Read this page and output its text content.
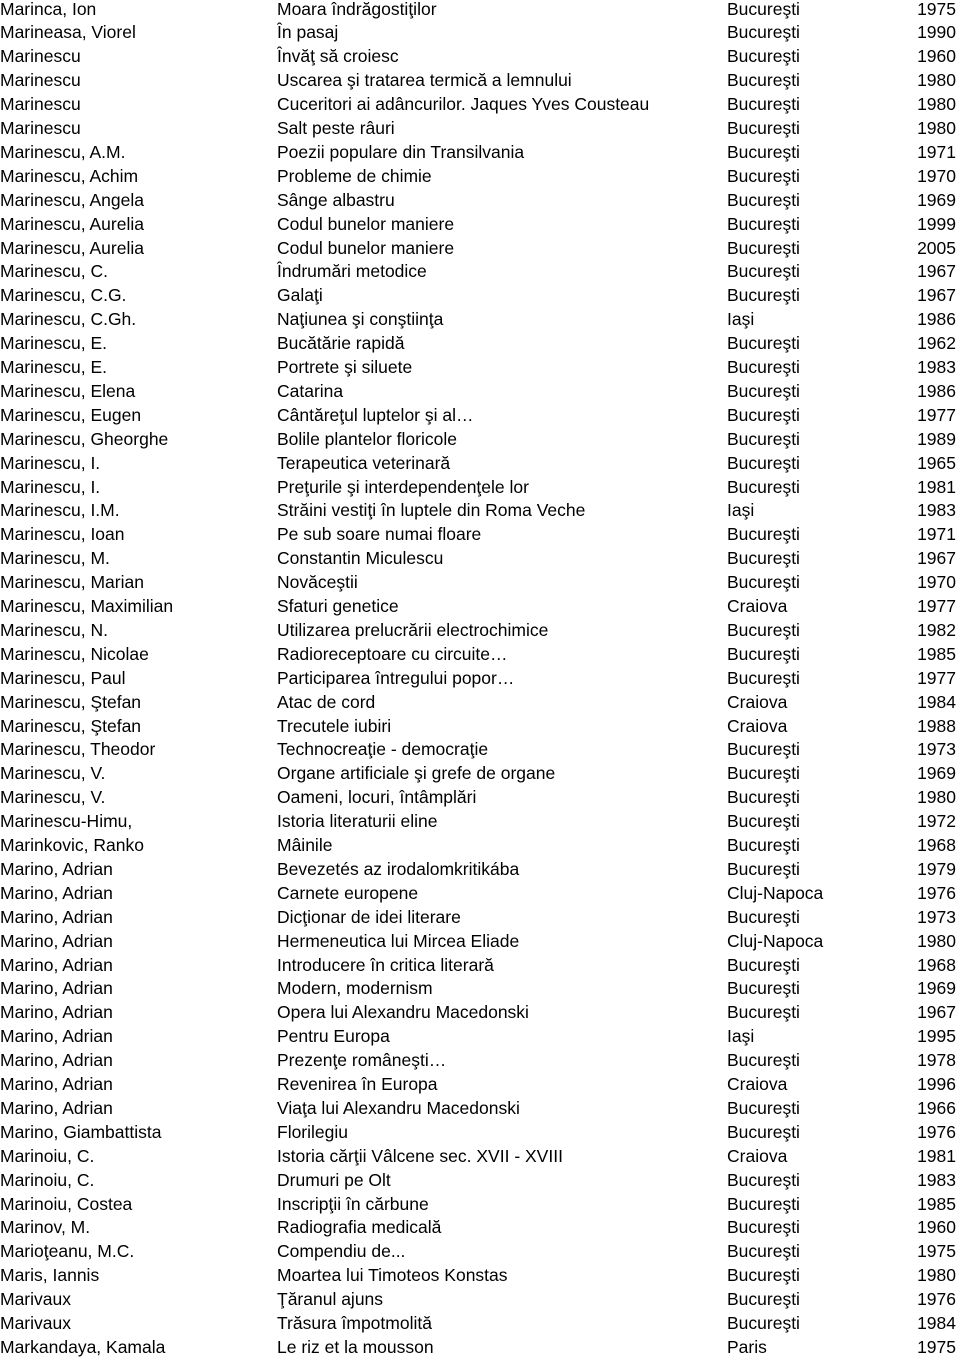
Marinca, Ion	Moara îndrăgostiţilor	Bucureşti	1975
Marineasa, Viorel	În pasaj	Bucureşti	1990
Marinescu	Învăţ să croiesc	Bucureşti	1960
Marinescu	Uscarea şi tratarea termică a lemnului	Bucureşti	1980
Marinescu	Cuceritori ai adâncurilor. Jaques Yves Cousteau	Bucureşti	1980
Marinescu	Salt peste râuri	Bucureşti	1980
Marinescu, A.M.	Poezii populare din Transilvania	Bucureşti	1971
Marinescu, Achim	Probleme de chimie	Bucureşti	1970
Marinescu, Angela	Sânge albastru	Bucureşti	1969
Marinescu, Aurelia	Codul bunelor maniere	Bucureşti	1999
Marinescu, Aurelia	Codul bunelor maniere	Bucureşti	2005
Marinescu, C.	Îndrumări metodice	Bucureşti	1967
Marinescu, C.G.	Galaţi	Bucureşti	1967
Marinescu, C.Gh.	Naţiunea şi conştiinţa	Iaşi	1986
Marinescu, E.	Bucătărie rapidă	Bucureşti	1962
Marinescu, E.	Portrete şi siluete	Bucureşti	1983
Marinescu, Elena	Catarina	Bucureşti	1986
Marinescu, Eugen	Cântăreţul luptelor şi al…	Bucureşti	1977
Marinescu, Gheorghe	Bolile plantelor floricole	Bucureşti	1989
Marinescu, I.	Terapeutica veterinară	Bucureşti	1965
Marinescu, I.	Preţurile şi interdependenţele lor	Bucureşti	1981
Marinescu, I.M.	Străini vestiţi în luptele din Roma Veche	Iaşi	1983
Marinescu, Ioan	Pe sub soare numai floare	Bucureşti	1971
Marinescu, M.	Constantin Miculescu	Bucureşti	1967
Marinescu, Marian	Novăceştii	Bucureşti	1970
Marinescu, Maximilian	Sfaturi genetice	Craiova	1977
Marinescu, N.	Utilizarea prelucrării electrochimice	Bucureşti	1982
Marinescu, Nicolae	Radioreceptoare cu circuite…	Bucureşti	1985
Marinescu, Paul	Participarea întregului popor…	Bucureşti	1977
Marinescu, Ştefan	Atac de cord	Craiova	1984
Marinescu, Ştefan	Trecutele iubiri	Craiova	1988
Marinescu, Theodor	Technocreaţie - democraţie	Bucureşti	1973
Marinescu, V.	Organe artificiale şi grefe de organe	Bucureşti	1969
Marinescu, V.	Oameni, locuri, întâmplări	Bucureşti	1980
Marinescu-Himu,	Istoria literaturii eline	Bucureşti	1972
Marinkovic, Ranko	Mâinile	Bucureşti	1968
Marino, Adrian	Bevezetés az irodalomkritikába	Bucureşti	1979
Marino, Adrian	Carnete europene	Cluj-Napoca	1976
Marino, Adrian	Dicţionar de idei literare	Bucureşti	1973
Marino, Adrian	Hermeneutica lui Mircea Eliade	Cluj-Napoca	1980
Marino, Adrian	Introducere în critica literară	Bucureşti	1968
Marino, Adrian	Modern, modernism	Bucureşti	1969
Marino, Adrian	Opera lui Alexandru Macedonski	Bucureşti	1967
Marino, Adrian	Pentru Europa	Iaşi	1995
Marino, Adrian	Prezenţe româneşti…	Bucureşti	1978
Marino, Adrian	Revenirea în Europa	Craiova	1996
Marino, Adrian	Viaţa lui Alexandru Macedonski	Bucureşti	1966
Marino, Giambattista	Florilegiu	Bucureşti	1976
Marinoiu, C.	Istoria cărţii Vâlcene sec. XVII - XVIII	Craiova	1981
Marinoiu, C.	Drumuri pe Olt	Bucureşti	1983
Marinoiu, Costea	Inscripţii în cărbune	Bucureşti	1985
Marinov, M.	Radiografia medicală	Bucureşti	1960
Marioţeanu, M.C.	Compendiu de...	Bucureşti	1975
Maris, Iannis	Moartea lui Timoteos Konstas	Bucureşti	1980
Marivaux	Ţăranul ajuns	Bucureşti	1976
Marivaux	Trăsura împotmolită	Bucureşti	1984
Markandaya, Kamala	Le riz et la mousson	Paris	1975
